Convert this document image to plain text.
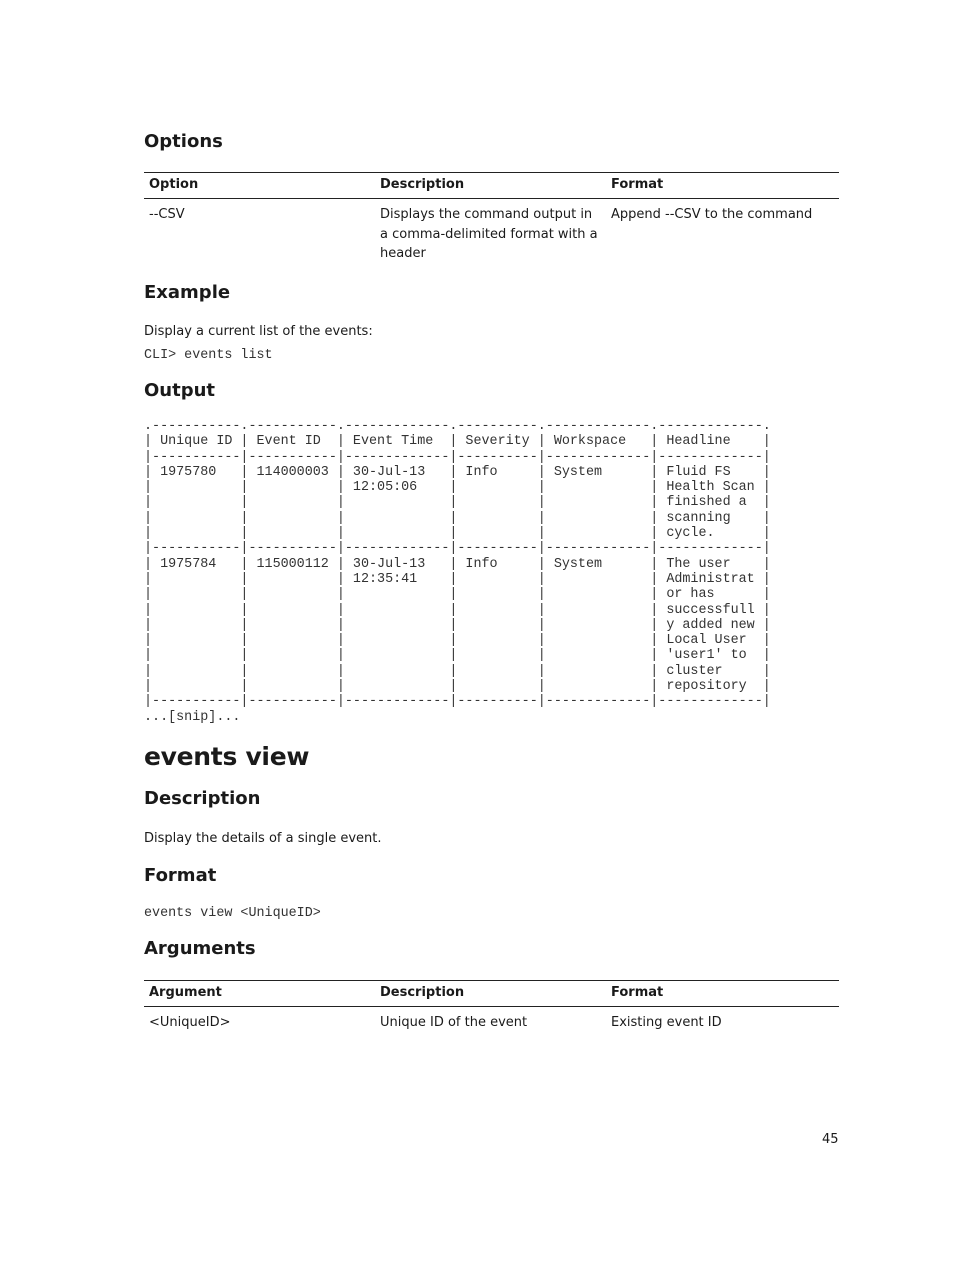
Options
Option	Description	Format
--CSV	Displays the command output in a comma-delimited format with a header	Append --CSV to the command
Example

Display a current list of the events:

CLI> events list
Output
.-----------.-----------.-------------.----------.-------------.-------------.
| Unique ID | Event ID  | Event Time  | Severity | Workspace   | Headline    |
|-----------|-----------|-------------|----------|-------------|-------------|
| 1975780   | 114000003 | 30-Jul-13   | Info     | System      | Fluid FS    |
|           |           | 12:05:06    |          |             | Health Scan |
|           |           |             |          |             | finished a  |
|           |           |             |          |             | scanning    |
|           |           |             |          |             | cycle.      |
|-----------|-----------|-------------|----------|-------------|-------------|
| 1975784   | 115000112 | 30-Jul-13   | Info     | System      | The user    |
|           |           | 12:35:41    |          |             | Administrat |
|           |           |             |          |             | or has      |
|           |           |             |          |             | successfull |
|           |           |             |          |             | y added new |
|           |           |             |          |             | Local User  |
|           |           |             |          |             | 'user1' to  |
|           |           |             |          |             | cluster     |
|           |           |             |          |             | repository  |
|-----------|-----------|-------------|----------|-------------|-------------|
...[snip]...
events view
Description

Display the details of a single event.

Format
events view <UniqueID>
Arguments
Argument	Description	Format
<UniqueID>	Unique ID of the event	Existing event ID
45
